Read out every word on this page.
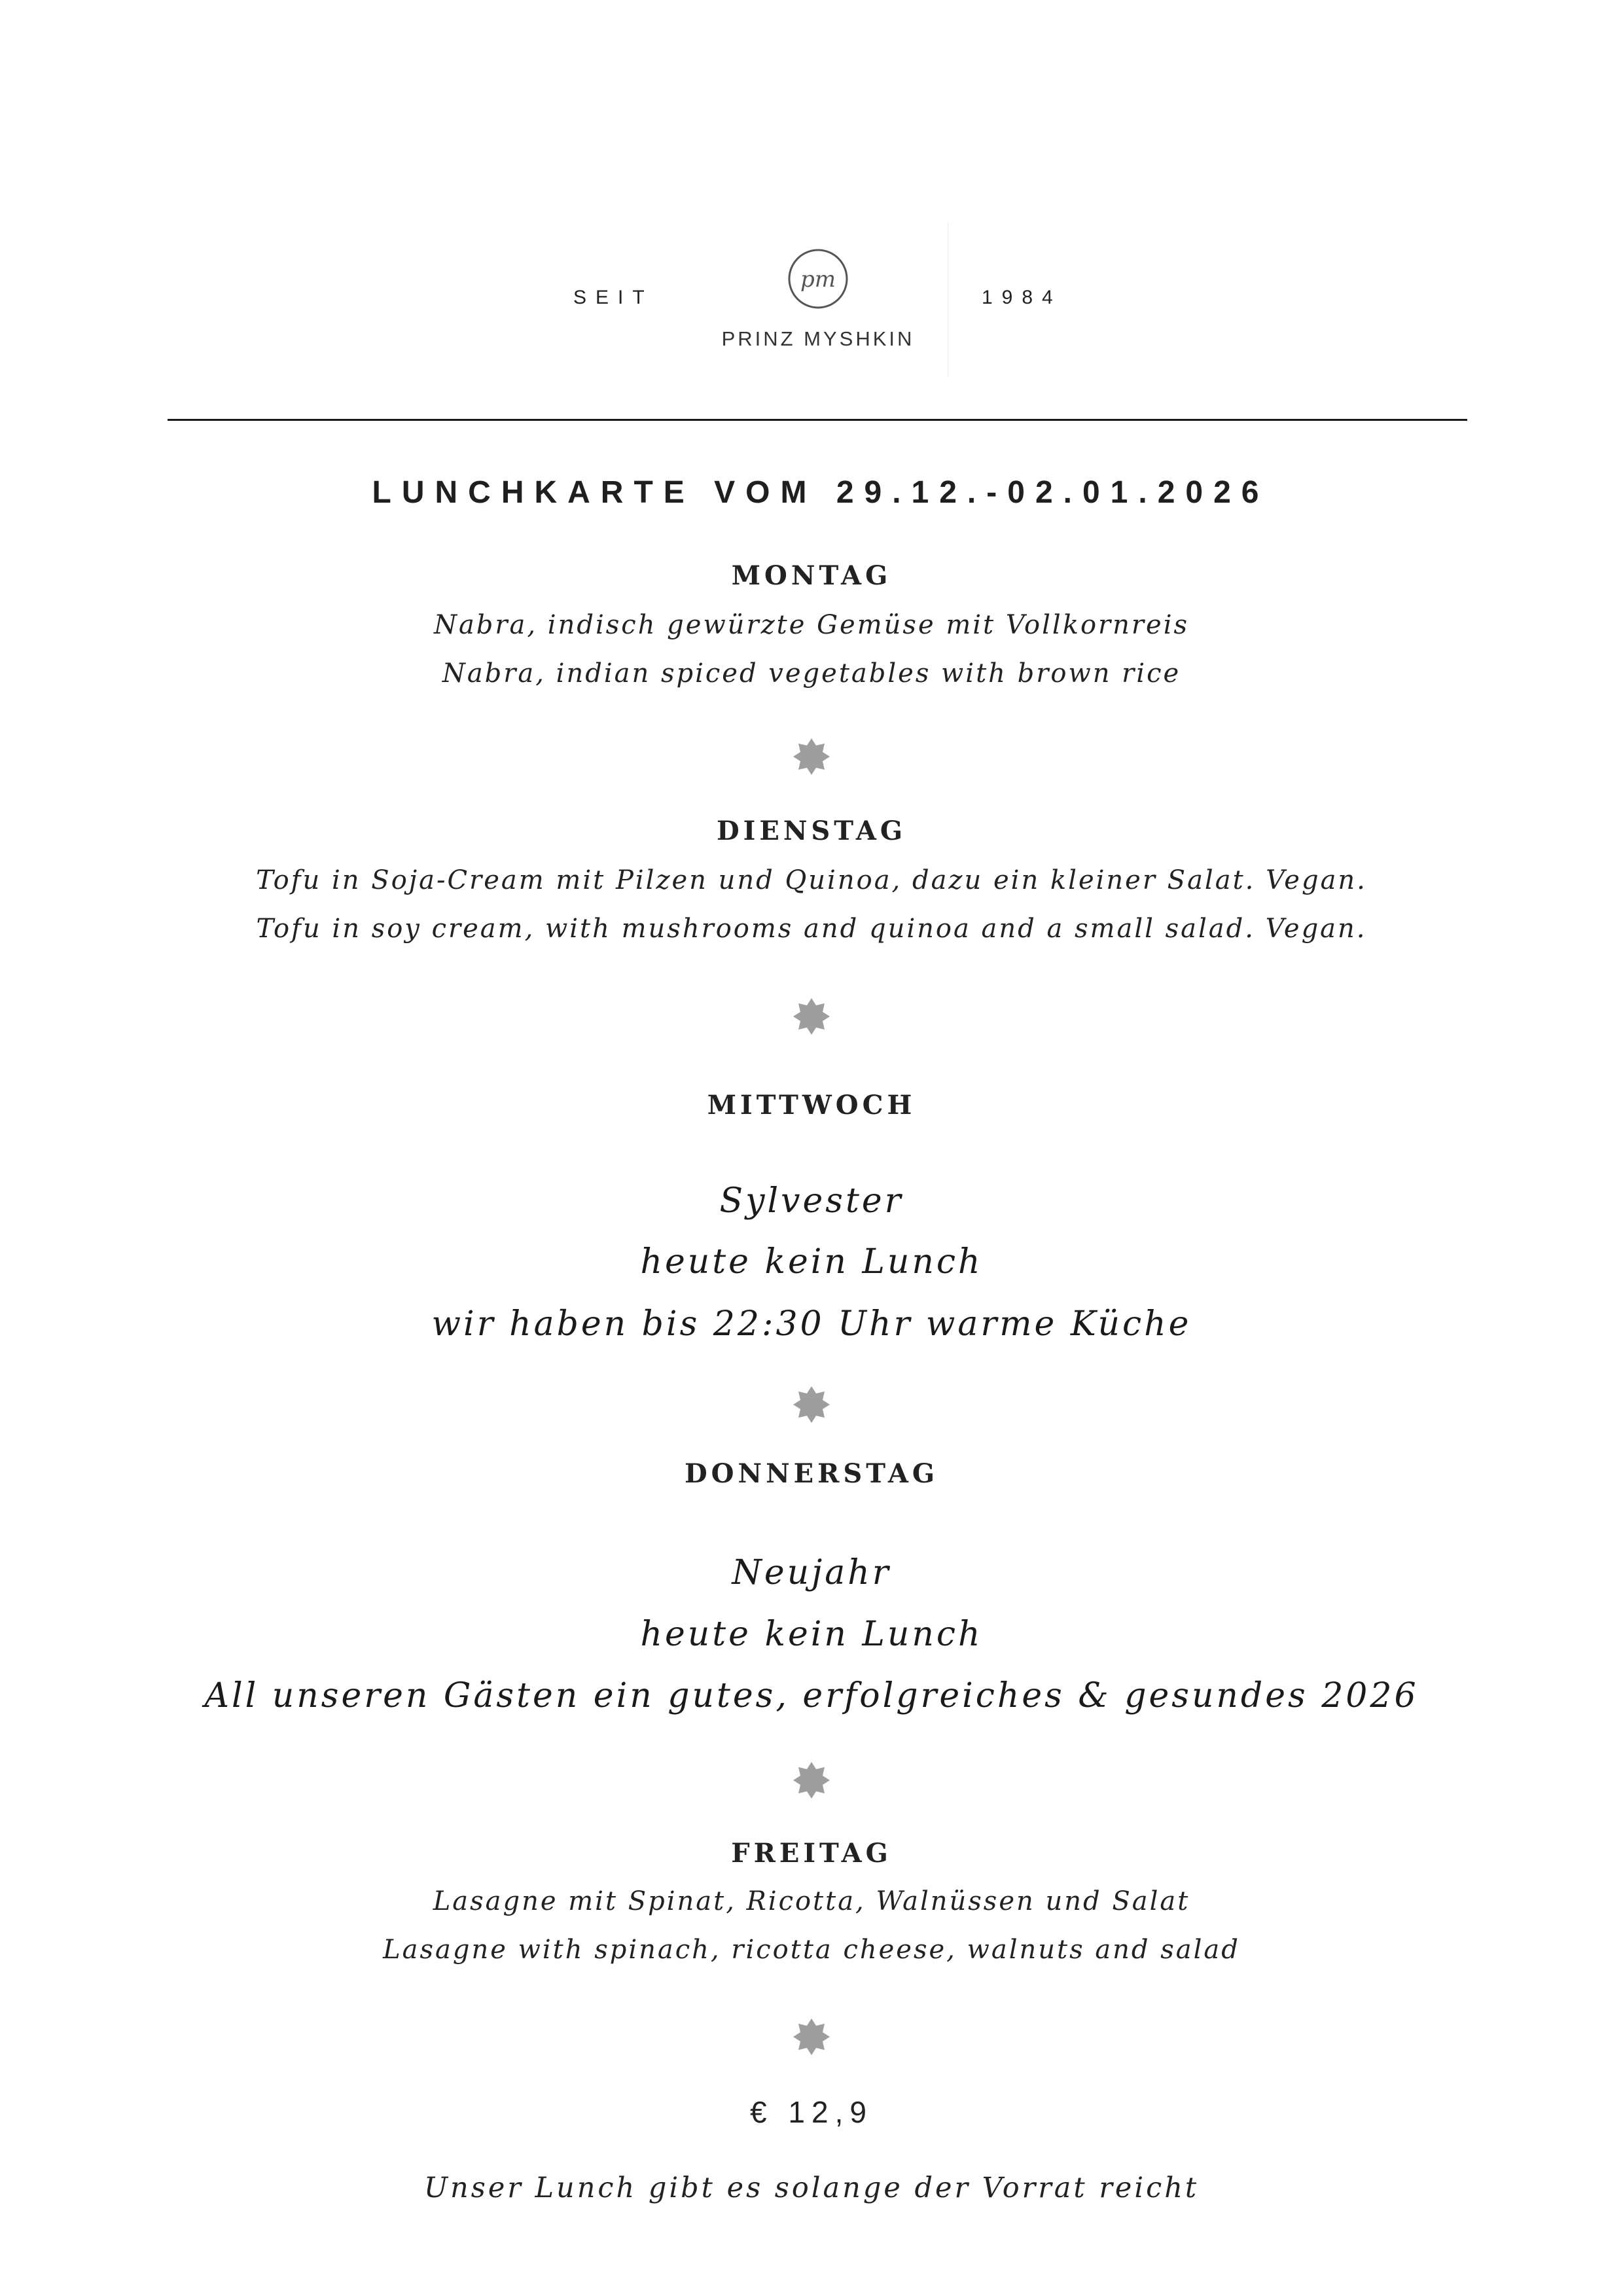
SEIT
pm
1984
PRINZ MYSHKIN
LUNCHKARTE VOM 29.12.-02.01.2026
MONTAG
Nabra, indisch gewürzte Gemüse mit Vollkornreis
Nabra, indian spiced vegetables with brown rice
DIENSTAG
Tofu in Soja-Cream mit Pilzen und Quinoa, dazu ein kleiner Salat. Vegan.
Tofu in soy cream, with mushrooms and quinoa and a small salad. Vegan.
MITTWOCH
Sylvester
heute kein Lunch
wir haben bis 22:30 Uhr warme Küche
DONNERSTAG
Neujahr
heute kein Lunch
All unseren Gästen ein gutes, erfolgreiches & gesundes 2026
FREITAG
Lasagne mit Spinat, Ricotta, Walnüssen und Salat
Lasagne with spinach, ricotta cheese, walnuts and salad
€ 12,9
Unser Lunch gibt es solange der Vorrat reicht
